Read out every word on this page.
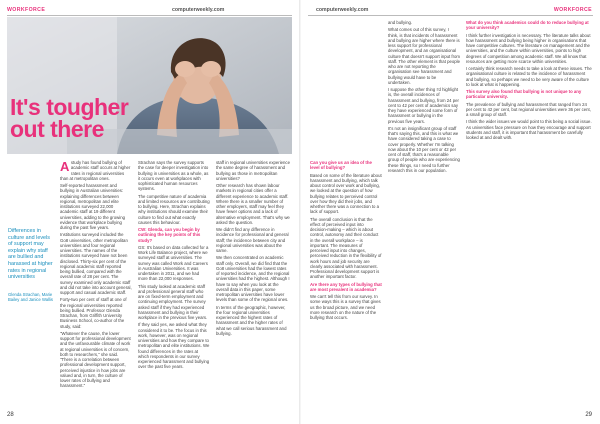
WORKFORCE	computerweekly.com	computerweekly.com	WORKFORCE
It's tougher out there
Differences in culture and levels of support may explain why staff are bullied and harassed at higher rates in regional universities
Glenda Strachan, Marie Bailey and Janice Wallis

Astudy has found bullying of academic staff occurs at higher rates in regional universities than at metropolitan ones.

Self-reported harassment and bullying in Australian universities: explaining differences between regional, metropolitan and elite institutions surveyed 22,000 academic staff at 19 different universities, adding to the growing evidence that workplace bullying during the past five years.

Institutions surveyed included the Go8 universities, other metropolitan universities and four regional universities. The names of the institutions surveyed have not been disclosed. Thirty-six per cent of the regional academic staff reported being bullied, compared with the overall rate of 28 per cent. The survey examined only academic staff and did not take into account general, support and casual academic staff.

Forty-two per cent of staff at one of the regional universities reported being bullied. Professor Glenda Strachan, from Griffith University Business School, co-author of the study, said:

"Whatever the cause, the lower support for professional development and the unfavourable climate of work at regional universities is of concern, both to researchers," she said. "There is a correlation between professional development support, perceived injustice in how jobs are valued and, in turn, the culture of lower rates of bullying and harassment."

Strachan says the survey supports the case for deeper investigation into bullying in universities as a whole, as it occurs even at workplaces with sophisticated human resources systems.

The competitive nature of academia and limited resources are contributing to bullying. Here, Strachan explains why institutions should examine their culture to find out what exactly causes this behaviour.

CW: Glenda, can you begin by outlining the key points of this study?

GS: It's based on data collected for a Work Life Balance project, where we surveyed staff at universities. The survey was called Work and Careers in Australian Universities. It was undertaken in 2011, and we had more than 22,000 responses.

This study looked at academic staff and professional general staff who are on fixed-term employment and continuing employment. The survey asked staff if they had experienced harassment and bullying in their workplace in the previous five years.

If they said yes, we asked what they considered it to be. The focus in this work, however, was on regional universities and how they compare to metropolitan and elite institutions. We found differences in the rates at which respondents in our survey experienced harassment and bullying over the past five years.

staff in regional universities experience the same degree of harassment and bullying as those in metropolitan universities?

Other research has shown labour markets in regional cities offer a different experience to academic staff. Where there is a smaller number of other employers, staff may feel they have fewer options and a lack of alternative employment. That's why we asked the question.

We didn't find any difference in incidence for professional and general staff; the incidence between city and regional universities was about the same.

We then concentrated on academic staff only. Overall, we did find that the Go8 universities had the lowest rates of reported incidence, and the regional universities had the highest. Although I have to say when you look at the overall data in this paper, some metropolitan universities have lower levels than some of the regional ones.

In terms of the geographic, however, the four regional universities experienced the highest rates of harassment and the higher rates of what we call serious harassment and bullying.

Can you give us an idea of the level of bullying?

Based on some of the literature about harassment and bullying, which talk about control over work and bullying, we looked at the question of how bullying relates to perceived control over how they did their jobs, and whether there was a connection to a lack of support.

The overall conclusion is that the effect of perceived input into decision-making – which is about control, autonomy and their conduct in the overall workplace – is important. The measures of perceived input into changes, perceived reduction in the flexibility of work hours and job security are clearly associated with harassment. Professional development support is another important factor.

Are there any types of bullying that are most prevalent in academia?

We can't tell this from our survey. In some ways this is a survey that gives us the broad picture, and we need more research on the nature of the bullying that occurs.

and bullying.

What comes out of this survey, I think, is that incidents of harassment and bullying are higher where there is less support for professional development, and an organisational culture that doesn't support input from staff. The other element is that people who are not reporting the organisation see harassment and bullying would have to be undertaken.

I suppose the other thing I'd highlight is, the overall incidences of harassment and bullying, from 24 per cent to 42 per cent of academics say they have experienced some form of harassment or bullying in the previous five years.

It's not an insignificant group of staff that's saying this, and this is what we have considered taking a case to cover properly. Whether I'm talking now about the 10 per cent or 42 per cent of staff, that's a reasonable group of people who are experiencing these things, so I need to further research this in our population.

What do you think academics could do to reduce bullying at your university?

I think further investigation is necessary. The literature talks about how harassment and bullying being higher in organisations that have competitive cultures. The literature on management and the universities, and the culture within universities, points to high degrees of competition among academic staff. We all know that resources are getting more scarce within universities.

I certainly think research needs to take a look at these issues. The organisational culture is related to the incidence of harassment and bullying, so perhaps we need to be very aware of the culture to look at what is happening.

This survey also found that bullying is not unique to any particular university.

The prevalence of bullying and harassment that ranged from 24 per cent to 42 per cent, but regional universities were 36 per cent, a small group of staff.

I think the wider issues we would point to this being a social issue. As universities face pressure on how they encourage and support students and staff, it is important that harassment be carefully looked at and dealt with.

28	29
